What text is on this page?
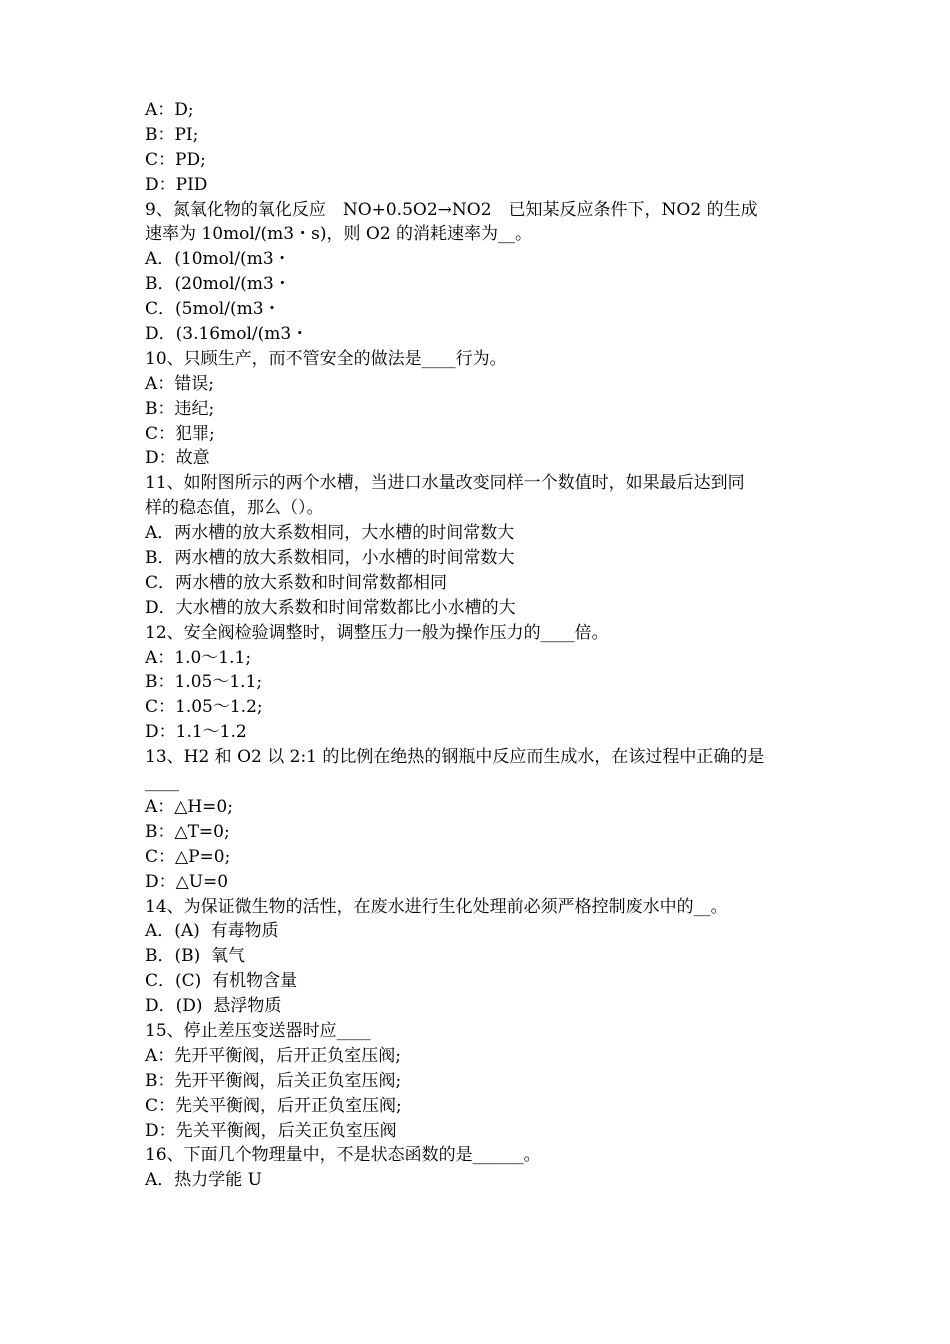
A：D;
B：PI;
C：PD;
D：PID
9、氮氧化物的氧化反应　NO+0.5O2→NO2　已知某反应条件下，NO2 的生成
速率为 10mol/(m3・s)，则 O2 的消耗速率为__。
A．(10mol/(m3・
B．(20mol/(m3・
C．(5mol/(m3・
D．(3.16mol/(m3・
10、只顾生产，而不管安全的做法是____行为。
A：错误;
B：违纪;
C：犯罪;
D：故意
11、如附图所示的两个水槽，当进口水量改变同样一个数值时，如果最后达到同
样的稳态值，那么（）。
A．两水槽的放大系数相同，大水槽的时间常数大
B．两水槽的放大系数相同，小水槽的时间常数大
C．两水槽的放大系数和时间常数都相同
D．大水槽的放大系数和时间常数都比小水槽的大
12、安全阀检验调整时，调整压力一般为操作压力的____倍。
A：1.0～1.1;
B：1.05～1.1;
C：1.05～1.2;
D：1.1～1.2
13、H2 和 O2 以 2:1 的比例在绝热的钢瓶中反应而生成水，在该过程中正确的是
____
A：△H=0;
B：△T=0;
C：△P=0;
D：△U=0
14、为保证微生物的活性，在废水进行生化处理前必须严格控制废水中的__。
A．(A)  有毒物质
B．(B)  氧气
C．(C)  有机物含量
D．(D)  悬浮物质
15、停止差压变送器时应____
A：先开平衡阀，后开正负室压阀;
B：先开平衡阀，后关正负室压阀;
C：先关平衡阀，后开正负室压阀;
D：先关平衡阀，后关正负室压阀
16、下面几个物理量中，不是状态函数的是______。
A．热力学能 U
